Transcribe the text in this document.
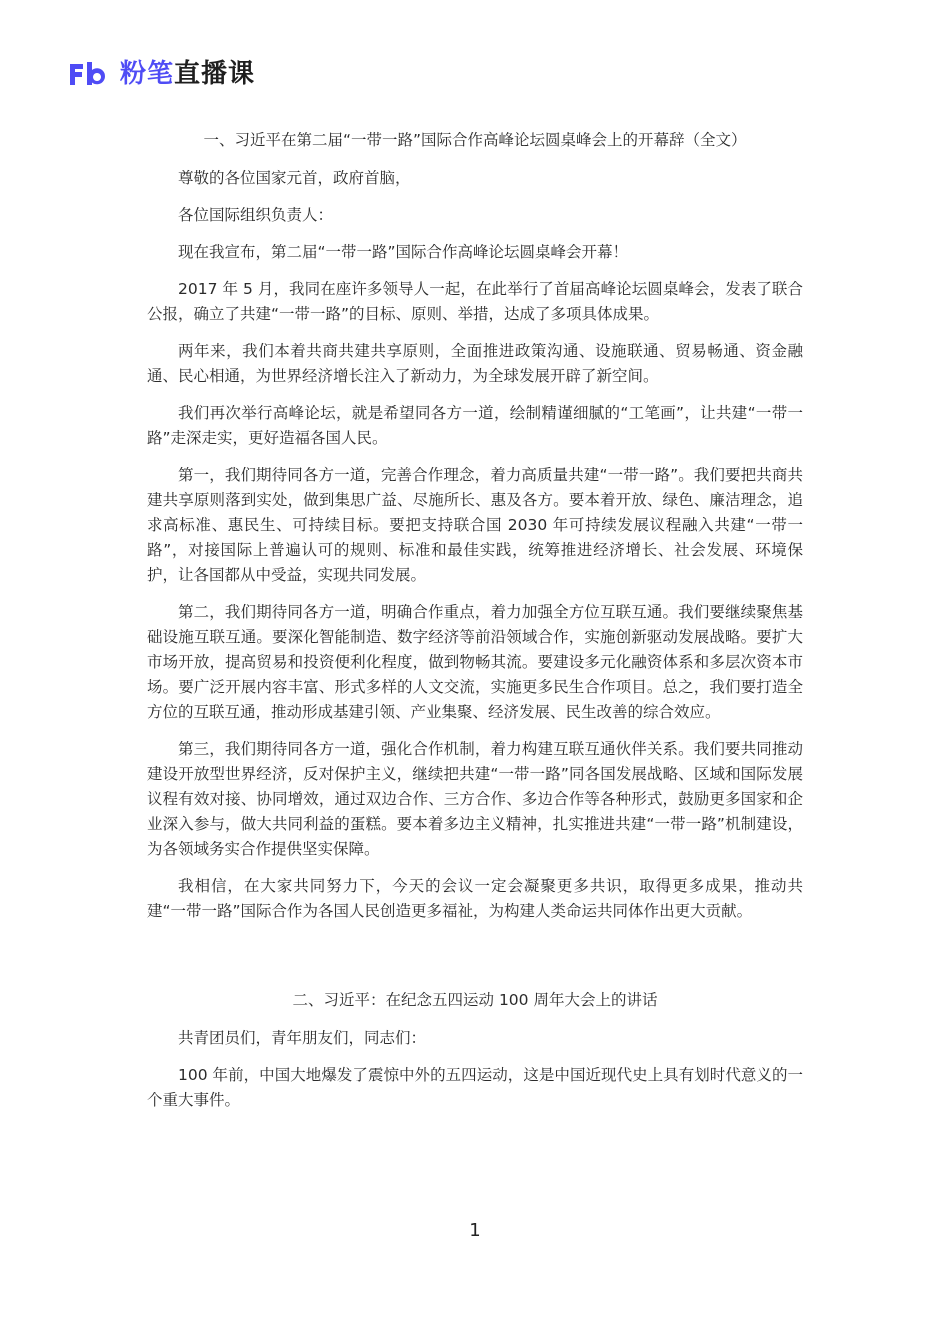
粉笔直播课
一、习近平在第二届“一带一路”国际合作高峰论坛圆桌峰会上的开幕辞（全文）

尊敬的各位国家元首，政府首脑，

各位国际组织负责人：

现在我宣布，第二届“一带一路”国际合作高峰论坛圆桌峰会开幕！

2017 年 5 月，我同在座许多领导人一起，在此举行了首届高峰论坛圆桌峰会，发表了联合公报，确立了共建“一带一路”的目标、原则、举措，达成了多项具体成果。

两年来，我们本着共商共建共享原则，全面推进政策沟通、设施联通、贸易畅通、资金融通、民心相通，为世界经济增长注入了新动力，为全球发展开辟了新空间。

我们再次举行高峰论坛，就是希望同各方一道，绘制精谨细腻的“工笔画”，让共建“一带一路”走深走实，更好造福各国人民。

第一，我们期待同各方一道，完善合作理念，着力高质量共建“一带一路”。我们要把共商共建共享原则落到实处，做到集思广益、尽施所长、惠及各方。要本着开放、绿色、廉洁理念，追求高标准、惠民生、可持续目标。要把支持联合国 2030 年可持续发展议程融入共建“一带一路”，对接国际上普遍认可的规则、标准和最佳实践，统筹推进经济增长、社会发展、环境保护，让各国都从中受益，实现共同发展。

第二，我们期待同各方一道，明确合作重点，着力加强全方位互联互通。我们要继续聚焦基础设施互联互通。要深化智能制造、数字经济等前沿领域合作，实施创新驱动发展战略。要扩大市场开放，提高贸易和投资便利化程度，做到物畅其流。要建设多元化融资体系和多层次资本市场。要广泛开展内容丰富、形式多样的人文交流，实施更多民生合作项目。总之，我们要打造全方位的互联互通，推动形成基建引领、产业集聚、经济发展、民生改善的综合效应。

第三，我们期待同各方一道，强化合作机制，着力构建互联互通伙伴关系。我们要共同推动建设开放型世界经济，反对保护主义，继续把共建“一带一路”同各国发展战略、区域和国际发展议程有效对接、协同增效，通过双边合作、三方合作、多边合作等各种形式，鼓励更多国家和企业深入参与，做大共同利益的蛋糕。要本着多边主义精神，扎实推进共建“一带一路”机制建设，为各领域务实合作提供坚实保障。

我相信，在大家共同努力下，今天的会议一定会凝聚更多共识，取得更多成果，推动共建“一带一路”国际合作为各国人民创造更多福祉，为构建人类命运共同体作出更大贡献。

二、习近平：在纪念五四运动 100 周年大会上的讲话

共青团员们，青年朋友们，同志们：

100 年前，中国大地爆发了震惊中外的五四运动，这是中国近现代史上具有划时代意义的一个重大事件。

1
